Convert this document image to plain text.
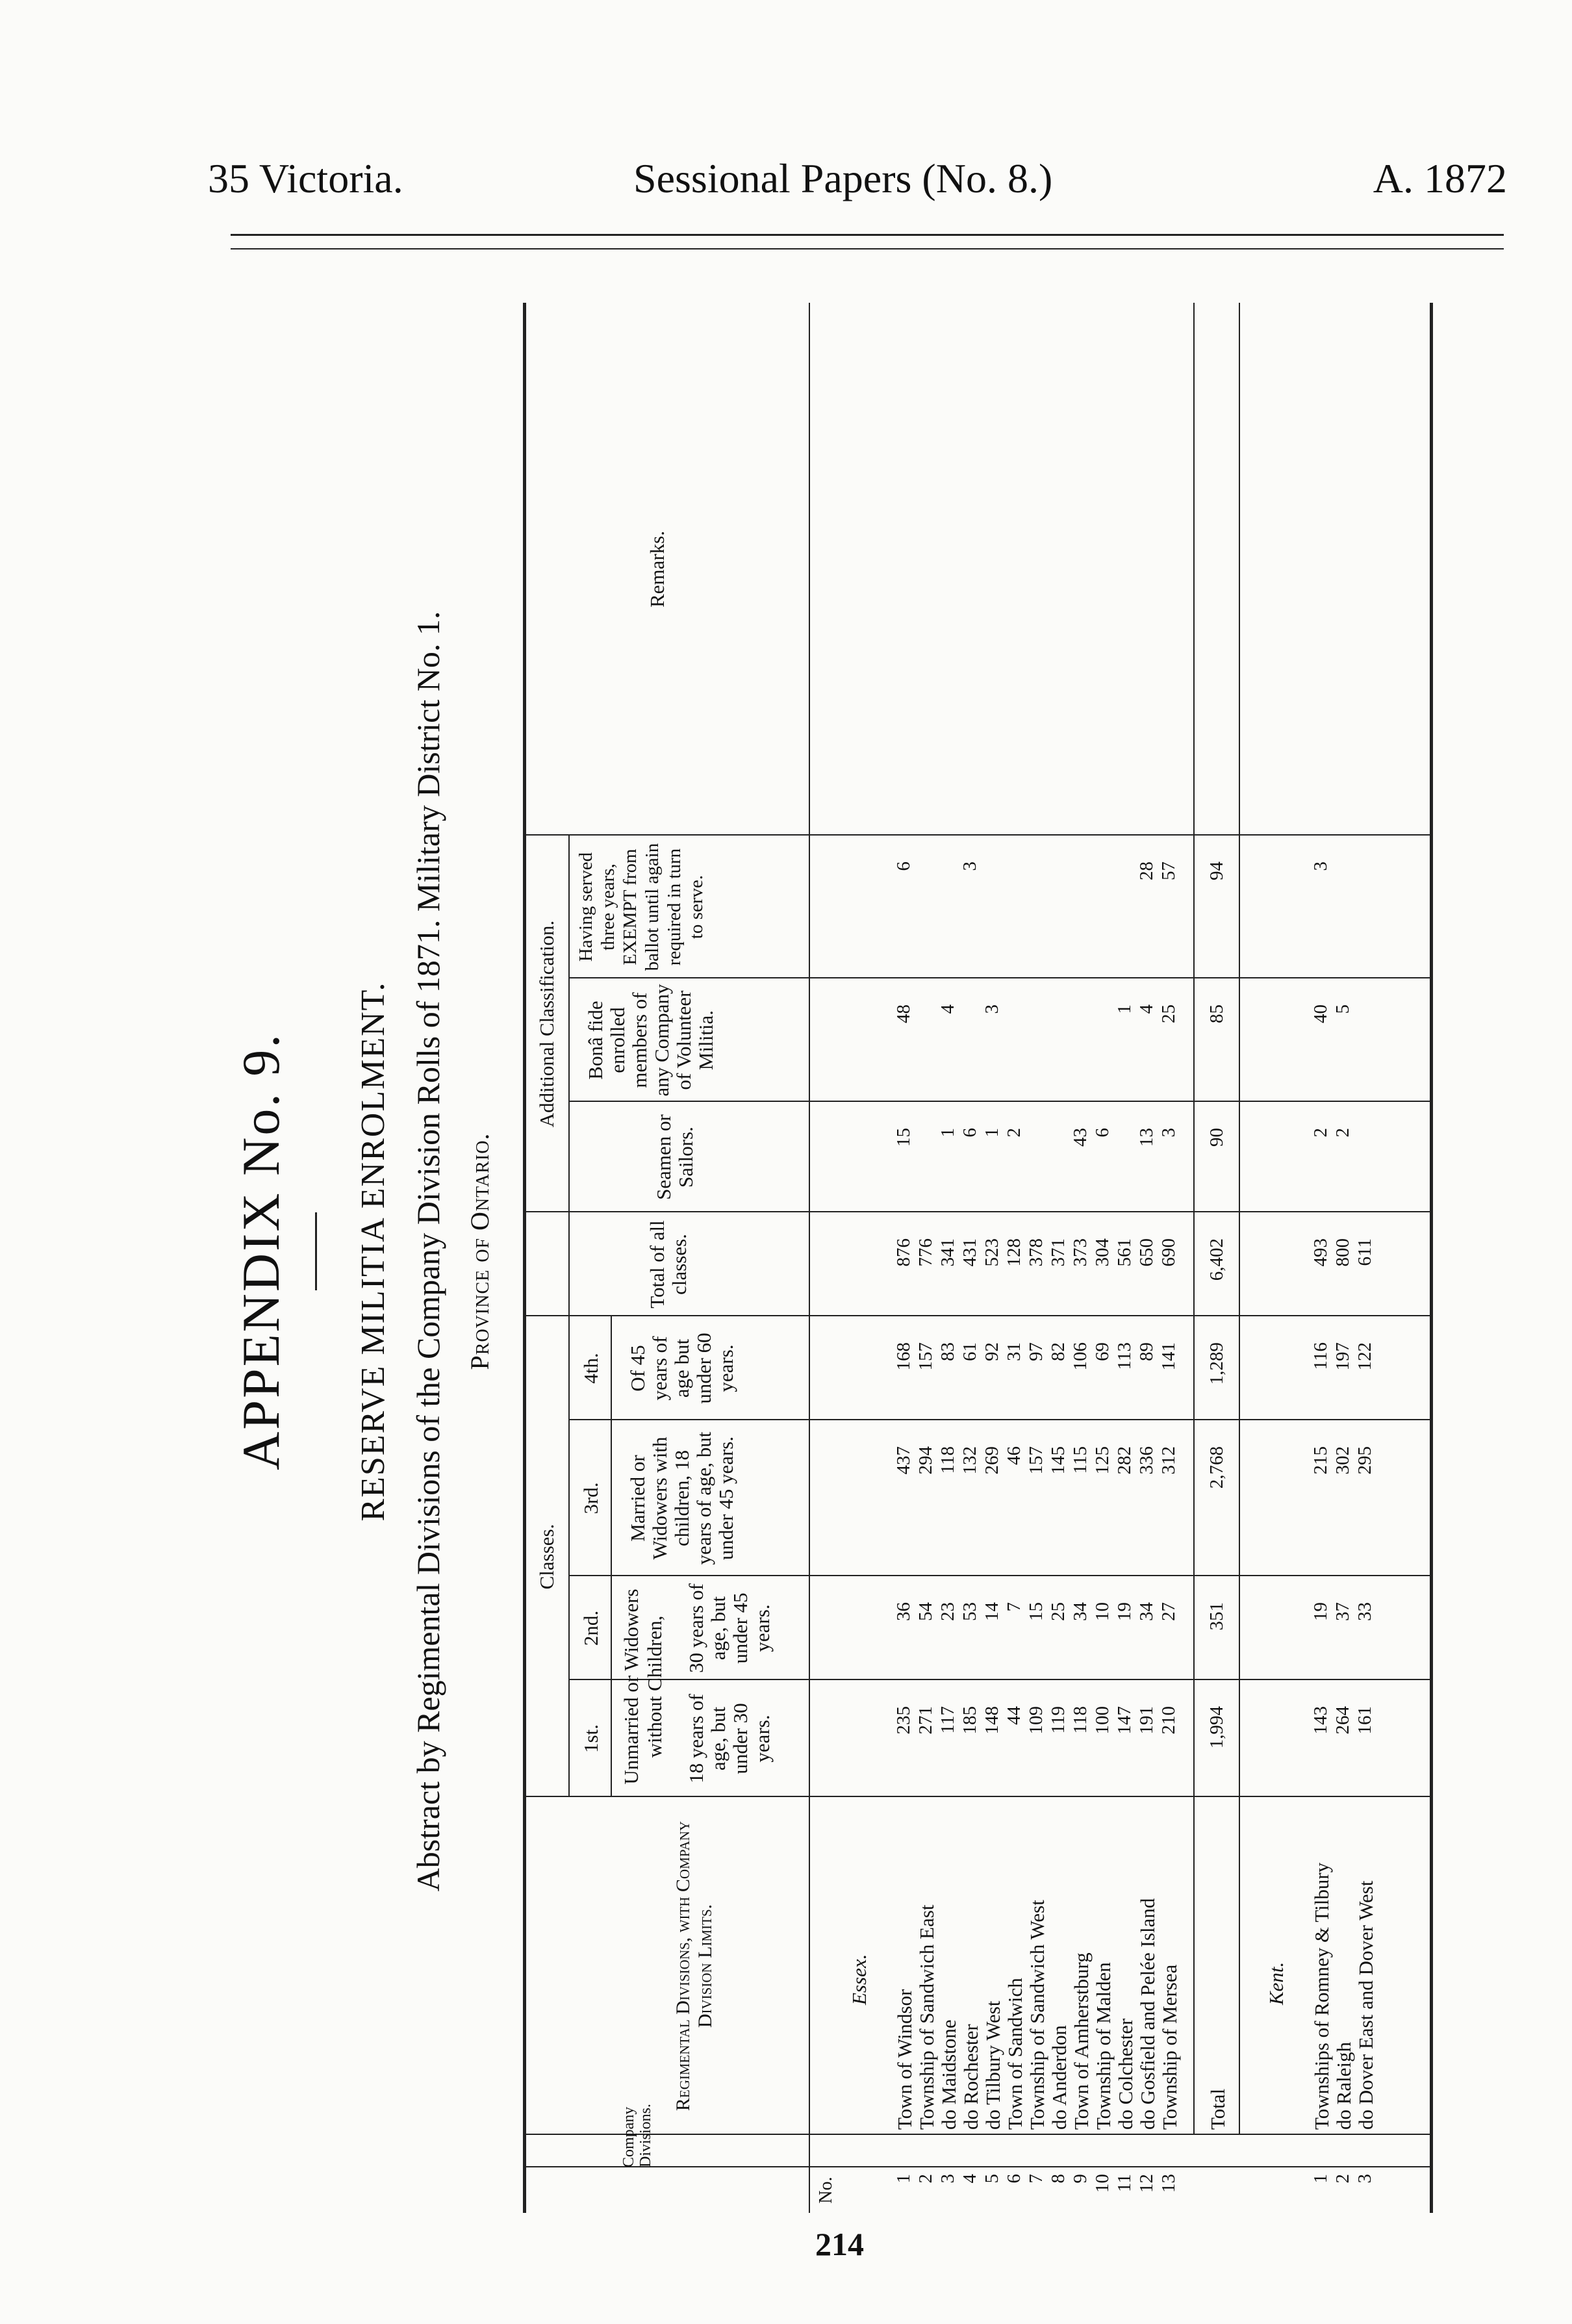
35 Victoria.	Sessional Papers (No. 8.)	A. 1872
APPENDIX No. 9. RESERVE MILITIA ENROLMENT. Abstract by Regimental Divisions of the Company Division Rolls of 1871. Military District No. 1. Province of Ontario.
Classes.
1st.
2nd.
3rd.
4th.
Unmarried or Widowers without Children, 18 years of age, but under 30 years.
30 years of age, but under 45 years.
Married or Widowers with children, 18 years of age, but under 45 years.
Of 45 years of age but under 60 years.
Total of all classes.
Additional Classification.
Seamen or Sailors.
Bonâ fide enrolled members of any Company of Volunteer Militia.
Having served three years, EXEMPT from ballot until again required in turn to serve.
Remarks.
Regimental Divisions, with Company Division Limits.
No.
Company Divisions.
Essex.
1
Town of Windsor
235
36
437
168
876
15
48
6
2
Township of Sandwich East
271
54
294
157
776
3
do Maidstone
117
23
118
83
341
1
4
4
do Rochester
185
53
132
61
431
6
3
5
do Tilbury West
148
14
269
92
523
1
3
6
Town of Sandwich
44
7
46
31
128
2
7
Township of Sandwich West
109
15
157
97
378
8
do Anderdon
119
25
145
82
371
9
Town of Amherstburg
118
34
115
106
373
43
10
Township of Malden
100
10
125
69
304
6
11
do Colchester
147
19
282
113
561
1
12
do Gosfield and Pelée Island
191
34
336
89
650
13
4
28
13
Township of Mersea
210
27
312
141
690
3
25
57
Total
1,994
351
2,768
1,289
6,402
90
85
94
Kent.
1
Townships of Romney & Tilbury
143
19
215
116
493
2
40
3
2
do Raleigh
264
37
302
197
800
2
5
3
do Dover East and Dover West
161
33
295
122
611
214
